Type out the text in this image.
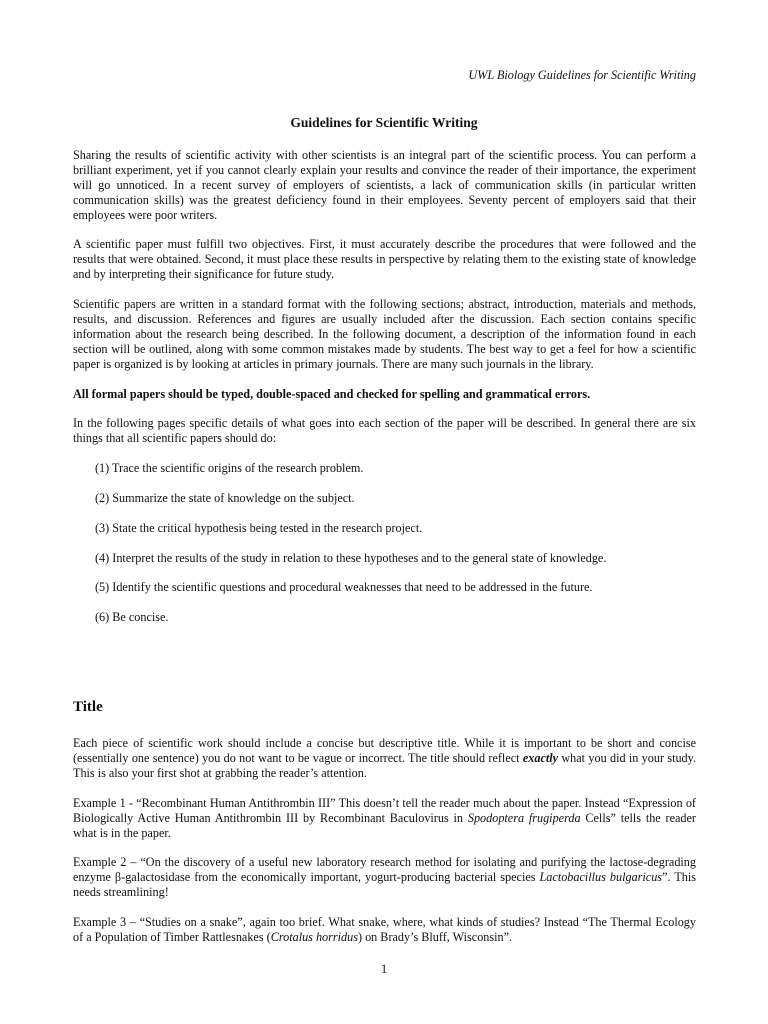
UWL Biology Guidelines for Scientific Writing
Guidelines for Scientific Writing

Sharing the results of scientific activity with other scientists is an integral part of the scientific process. You can perform a brilliant experiment, yet if you cannot clearly explain your results and convince the reader of their importance, the experiment will go unnoticed. In a recent survey of employers of scientists, a lack of communication skills (in particular written communication skills) was the greatest deficiency found in their employees. Seventy percent of employers said that their employees were poor writers.

A scientific paper must fulfill two objectives. First, it must accurately describe the procedures that were followed and the results that were obtained. Second, it must place these results in perspective by relating them to the existing state of knowledge and by interpreting their significance for future study.

Scientific papers are written in a standard format with the following sections; abstract, introduction, materials and methods, results, and discussion. References and figures are usually included after the discussion. Each section contains specific information about the research being described. In the following document, a description of the information found in each section will be outlined, along with some common mistakes made by students. The best way to get a feel for how a scientific paper is organized is by looking at articles in primary journals. There are many such journals in the library.

All formal papers should be typed, double-spaced and checked for spelling and grammatical errors.

In the following pages specific details of what goes into each section of the paper will be described. In general there are six things that all scientific papers should do:

(1) Trace the scientific origins of the research problem.
(2) Summarize the state of knowledge on the subject.
(3) State the critical hypothesis being tested in the research project.
(4) Interpret the results of the study in relation to these hypotheses and to the general state of knowledge.
(5) Identify the scientific questions and procedural weaknesses that need to be addressed in the future.
(6) Be concise.
Title

Each piece of scientific work should include a concise but descriptive title. While it is important to be short and concise (essentially one sentence) you do not want to be vague or incorrect. The title should reflect exactly what you did in your study. This is also your first shot at grabbing the reader’s attention.

Example 1 - “Recombinant Human Antithrombin III” This doesn’t tell the reader much about the paper. Instead “Expression of Biologically Active Human Antithrombin III by Recombinant Baculovirus in Spodoptera frugiperda Cells” tells the reader what is in the paper.

Example 2 – “On the discovery of a useful new laboratory research method for isolating and purifying the lactose-degrading enzyme β-galactosidase from the economically important, yogurt-producing bacterial species Lactobacillus bulgaricus”. This needs streamlining!

Example 3 – “Studies on a snake”, again too brief. What snake, where, what kinds of studies? Instead “The Thermal Ecology of a Population of Timber Rattlesnakes (Crotalus horridus) on Brady’s Bluff, Wisconsin”.

1
